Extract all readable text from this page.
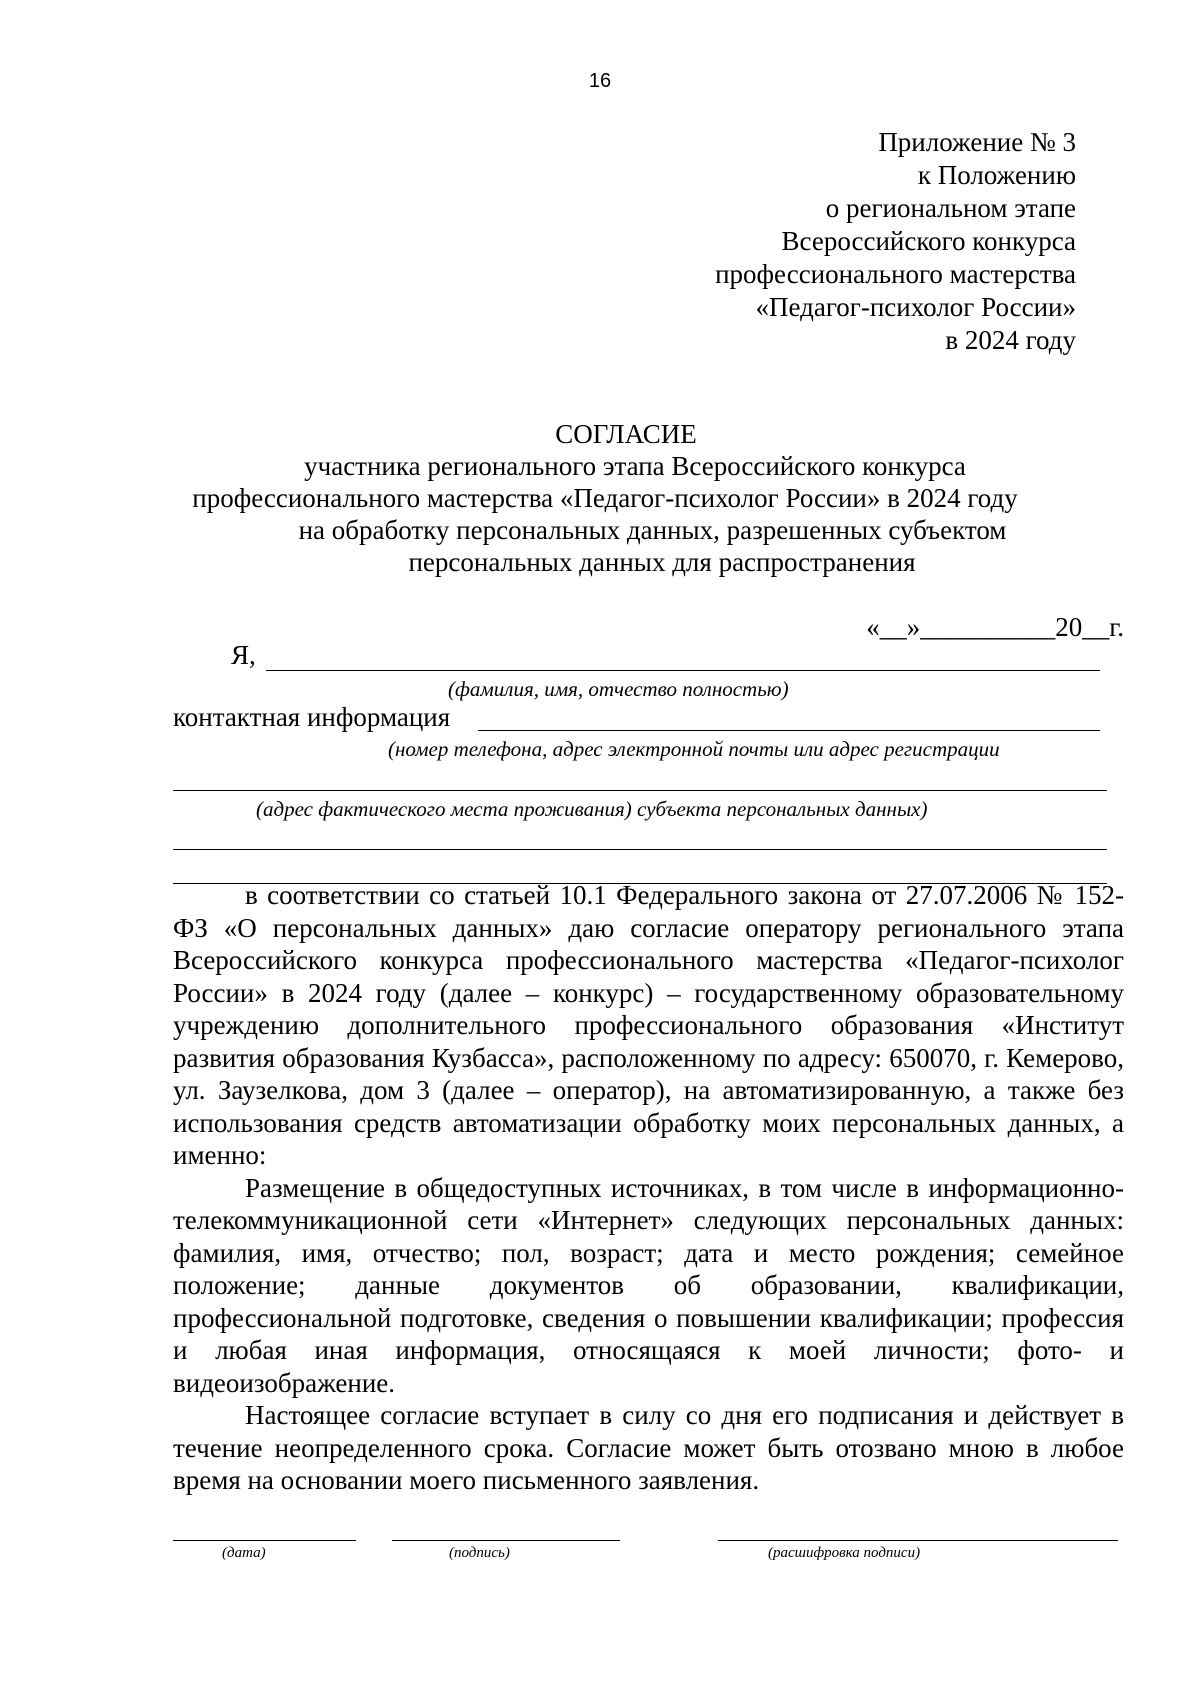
16
Приложение № 3
к Положению
о региональном этапе
Всероссийского конкурса
профессионального мастерства
«Педагог-психолог России»
в 2024 году
СОГЛАСИЕ
участника регионального этапа Всероссийского конкурса
профессионального мастерства «Педагог-психолог России» в 2024 году
на обработку персональных данных, разрешенных субъектом
персональных данных для распространения
«__»__________20__г.
Я,
(фамилия, имя, отчество полностью)
контактная информация
(номер телефона, адрес электронной почты или адрес регистрации
(адрес фактического места проживания) субъекта персональных данных)

в соответствии со статьей 10.1 Федерального закона от 27.07.2006 № 152-ФЗ «О персональных данных» даю согласие оператору регионального этапа Всероссийского конкурса профессионального мастерства «Педагог-психолог России» в 2024 году (далее – конкурс) – государственному образовательному учреждению дополнительного профессионального образования «Институт развития образования Кузбасса», расположенному по адресу: 650070, г. Кемерово, ул. Заузелкова, дом 3 (далее – оператор), на автоматизированную, а также без использования средств автоматизации обработку моих персональных данных, а именно:

Размещение в общедоступных источниках, в том числе в информационно-телекоммуникационной сети «Интернет» следующих персональных данных: фамилия, имя, отчество; пол, возраст; дата и место рождения; семейное положение; данные документов об образовании, квалификации, профессиональной подготовке, сведения о повышении квалификации; профессия и любая иная информация, относящаяся к моей личности; фото- и видеоизображение.

Настоящее согласие вступает в силу со дня его подписания и действует в течение неопределенного срока. Согласие может быть отозвано мною в любое время на основании моего письменного заявления.

(дата)	(подпись)	(расшифровка подписи)
